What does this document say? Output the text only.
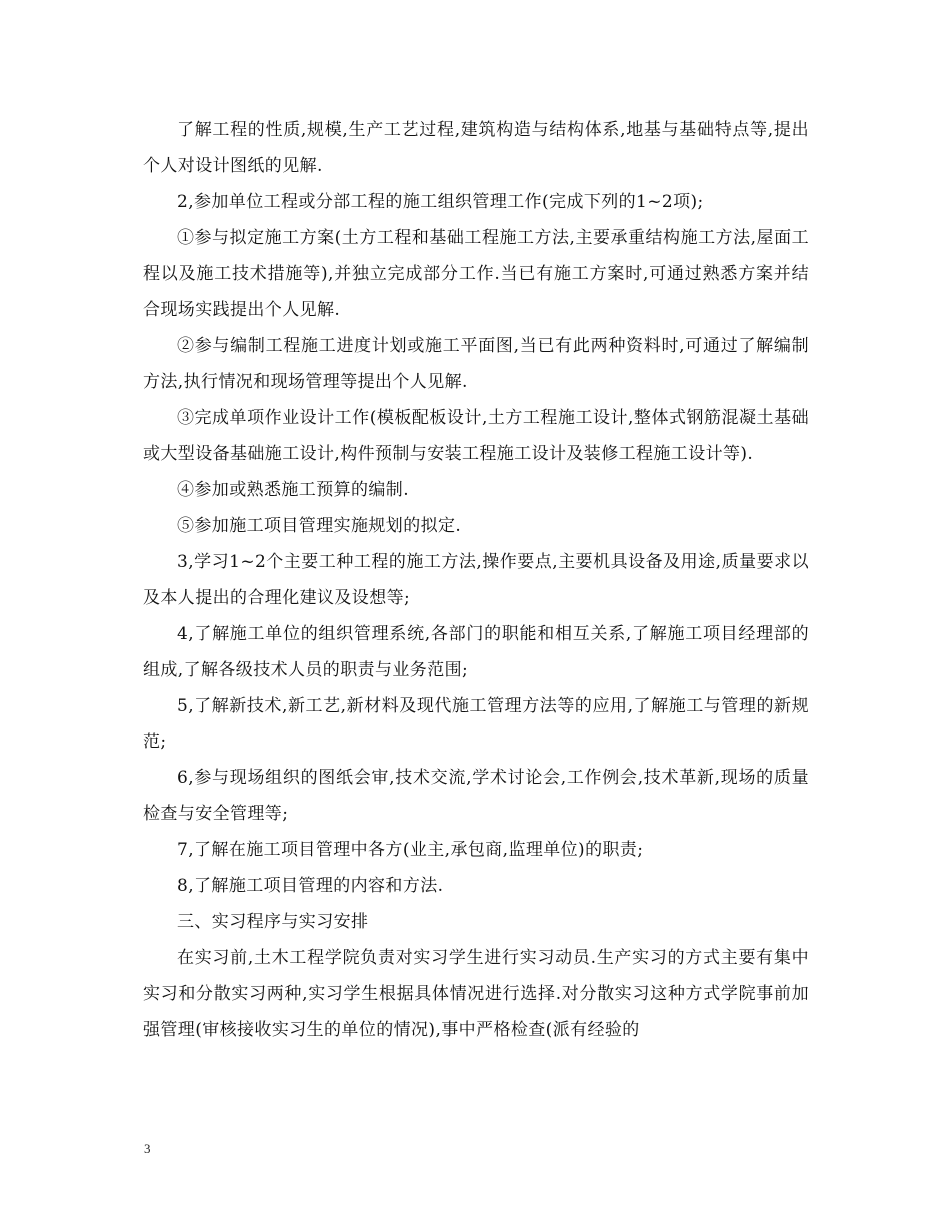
了解工程的性质,规模,生产工艺过程,建筑构造与结构体系,地基与基础特点等,提出个人对设计图纸的见解.

2,参加单位工程或分部工程的施工组织管理工作(完成下列的1~2项);

①参与拟定施工方案(土方工程和基础工程施工方法,主要承重结构施工方法,屋面工程以及施工技术措施等),并独立完成部分工作.当已有施工方案时,可通过熟悉方案并结合现场实践提出个人见解.

②参与编制工程施工进度计划或施工平面图,当已有此两种资料时,可通过了解编制方法,执行情况和现场管理等提出个人见解.

③完成单项作业设计工作(模板配板设计,土方工程施工设计,整体式钢筋混凝土基础或大型设备基础施工设计,构件预制与安装工程施工设计及装修工程施工设计等).

④参加或熟悉施工预算的编制.

⑤参加施工项目管理实施规划的拟定.

3,学习1~2个主要工种工程的施工方法,操作要点,主要机具设备及用途,质量要求以及本人提出的合理化建议及设想等;

4,了解施工单位的组织管理系统,各部门的职能和相互关系,了解施工项目经理部的组成,了解各级技术人员的职责与业务范围;

5,了解新技术,新工艺,新材料及现代施工管理方法等的应用,了解施工与管理的新规范;

6,参与现场组织的图纸会审,技术交流,学术讨论会,工作例会,技术革新,现场的质量检查与安全管理等;

7,了解在施工项目管理中各方(业主,承包商,监理单位)的职责;

8,了解施工项目管理的内容和方法.

三、实习程序与实习安排

在实习前,土木工程学院负责对实习学生进行实习动员.生产实习的方式主要有集中实习和分散实习两种,实习学生根据具体情况进行选择.对分散实习这种方式学院事前加强管理(审核接收实习生的单位的情况),事中严格检查(派有经验的

3
